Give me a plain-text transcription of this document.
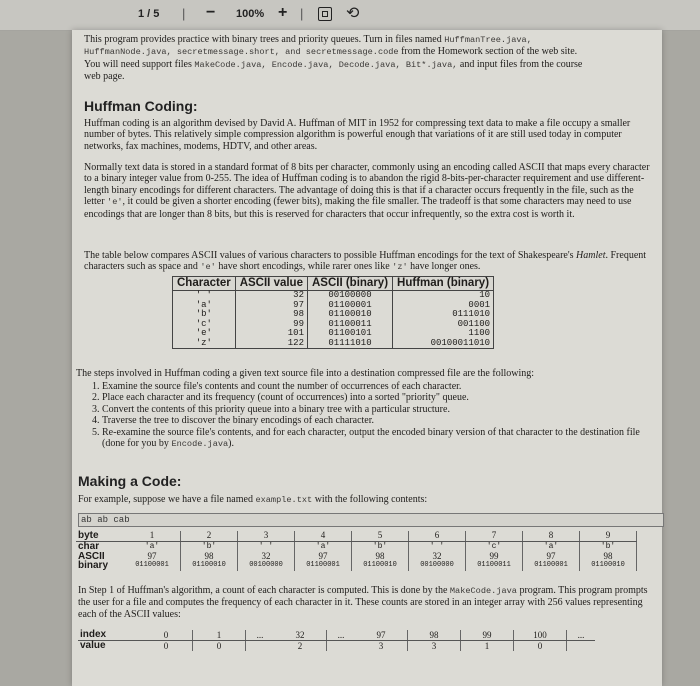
1 / 5 | − 100% + |	⟲
This program provides practice with binary trees and priority queues. Turn in files named HuffmanTree.java,
HuffmanNode.java, secretmessage.short, and secretmessage.code from the Homework section of the web site.
You will need support files MakeCode.java, Encode.java, Decode.java, Bit*.java, and input files from the course
web page.
Huffman Coding:
Huffman coding is an algorithm devised by David A. Huffman of MIT in 1952 for compressing text data to make a file occupy a smaller number of bytes. This relatively simple compression algorithm is powerful enough that variations of it are still used today in computer networks, fax machines, modems, HDTV, and other areas.
Normally text data is stored in a standard format of 8 bits per character, commonly using an encoding called ASCII that maps every character to a binary integer value from 0-255. The idea of Huffman coding is to abandon the rigid 8-bits-per-character requirement and use different-length binary encodings for different characters. The advantage of doing this is that if a character occurs frequently in the file, such as the letter 'e', it could be given a shorter encoding (fewer bits), making the file smaller. The tradeoff is that some characters may need to use encodings that are longer than 8 bits, but this is reserved for characters that occur infrequently, so the extra cost is worth it.
The table below compares ASCII values of various characters to possible Huffman encodings for the text of Shakespeare's Hamlet. Frequent characters such as space and 'e' have short encodings, while rarer ones like 'z' have longer ones.
Character	ASCII value	ASCII (binary)	Huffman (binary)
' '	32	00100000	10
'a'	97	01100001	0001
'b'	98	01100010	0111010
'c'	99	01100011	001100
'e'	101	01100101	1100
'z'	122	01111010	00100011010
The steps involved in Huffman coding a given text source file into a destination compressed file are the following:
1. Examine the source file's contents and count the number of occurrences of each character.
2. Place each character and its frequency (count of occurrences) into a sorted "priority" queue.
3. Convert the contents of this priority queue into a binary tree with a particular structure.
4. Traverse the tree to discover the binary encodings of each character.
5. Re-examine the source file's contents, and for each character, output the encoded binary version of that character to the destination file (done for you by Encode.java).
Making a Code:
For example, suppose we have a file named example.txt with the following contents:
ab ab cab
byte	1	2	3	4	5	6	7	8	9
char	'a'	'b'	' '	'a'	'b'	' '	'c'	'a'	'b'
ASCII	97	98	32	97	98	32	99	97	98
binary	01100001	01100010	00100000	01100001	01100010	00100000	01100011	01100001	01100010
In Step 1 of Huffman's algorithm, a count of each character is computed. This is done by the MakeCode.java program. This program prompts the user for a file and computes the frequency of each character in it. These counts are stored in an integer array with 256 values representing each of the ASCII values:
index	0	1	...	32	...	97	98	99	100	...
value	0	0		2		3	3	1	0	
